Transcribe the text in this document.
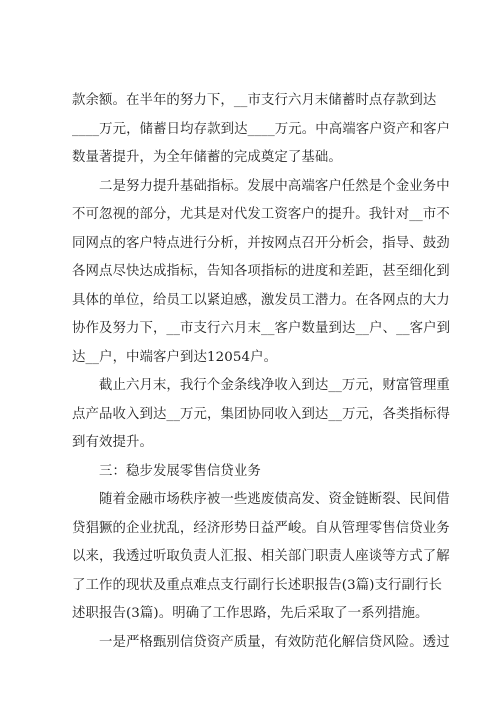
款余额。在半年的努力下，__市支行六月末储蓄时点存款到达
____万元，储蓄日均存款到达____万元。中高端客户资产和客户
数量著提升，为全年储蓄的完成奠定了基础。
　　二是努力提升基础指标。发展中高端客户任然是个金业务中
不可忽视的部分，尤其是对代发工资客户的提升。我针对__市不
同网点的客户特点进行分析，并按网点召开分析会，指导、鼓劲
各网点尽快达成指标，告知各项指标的进度和差距，甚至细化到
具体的单位，给员工以紧迫感，激发员工潜力。在各网点的大力
协作及努力下，__市支行六月末__客户数量到达__户、__客户到
达__户，中端客户到达12054户。
　　截止六月末，我行个金条线净收入到达__万元，财富管理重
点产品收入到达__万元，集团协同收入到达__万元，各类指标得
到有效提升。
　　三：稳步发展零售信贷业务
　　随着金融市场秩序被一些逃废债高发、资金链断裂、民间借
贷猖獗的企业扰乱，经济形势日益严峻。自从管理零售信贷业务
以来，我透过听取负责人汇报、相关部门职责人座谈等方式了解
了工作的现状及重点难点支行副行长述职报告(3篇)支行副行长
述职报告(3篇)。明确了工作思路，先后采取了一系列措施。
　　一是严格甄别信贷资产质量，有效防范化解信贷风险。透过
